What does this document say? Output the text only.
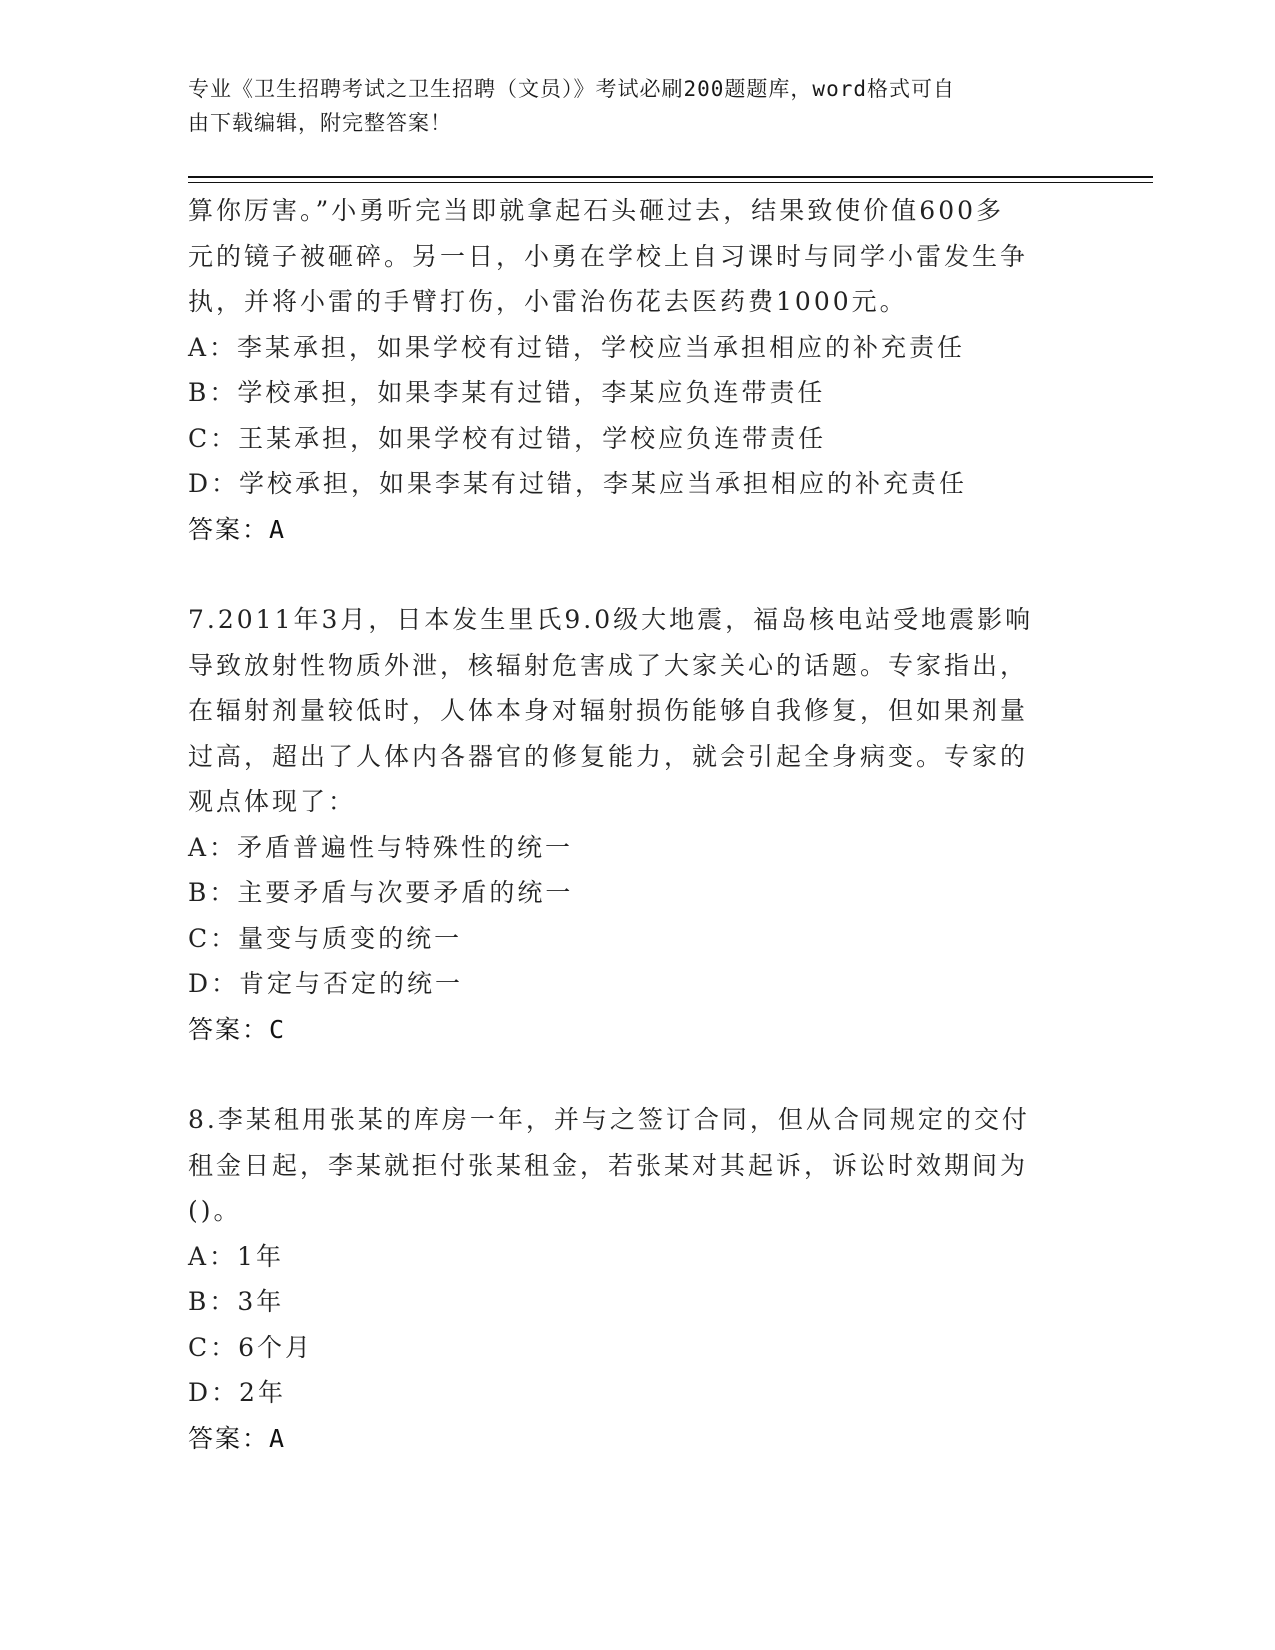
专业《卫生招聘考试之卫生招聘（文员）》考试必刷200题题库，word格式可自
由下载编辑，附完整答案！
算你厉害。”小勇听完当即就拿起石头砸过去，结果致使价值600多
元的镜子被砸碎。另一日，小勇在学校上自习课时与同学小雷发生争
执，并将小雷的手臂打伤，小雷治伤花去医药费1000元。
A：李某承担，如果学校有过错，学校应当承担相应的补充责任
B：学校承担，如果李某有过错，李某应负连带责任
C：王某承担，如果学校有过错，学校应负连带责任
D：学校承担，如果李某有过错，李某应当承担相应的补充责任
答案：A
7.2011年3月，日本发生里氏9.0级大地震，福岛核电站受地震影响
导致放射性物质外泄，核辐射危害成了大家关心的话题。专家指出，
在辐射剂量较低时，人体本身对辐射损伤能够自我修复，但如果剂量
过高，超出了人体内各器官的修复能力，就会引起全身病变。专家的
观点体现了：
A：矛盾普遍性与特殊性的统一
B：主要矛盾与次要矛盾的统一
C：量变与质变的统一
D：肯定与否定的统一
答案：C
8.李某租用张某的库房一年，并与之签订合同，但从合同规定的交付
租金日起，李某就拒付张某租金，若张某对其起诉，诉讼时效期间为
()。
A：1年
B：3年
C：6个月
D：2年
答案：A
